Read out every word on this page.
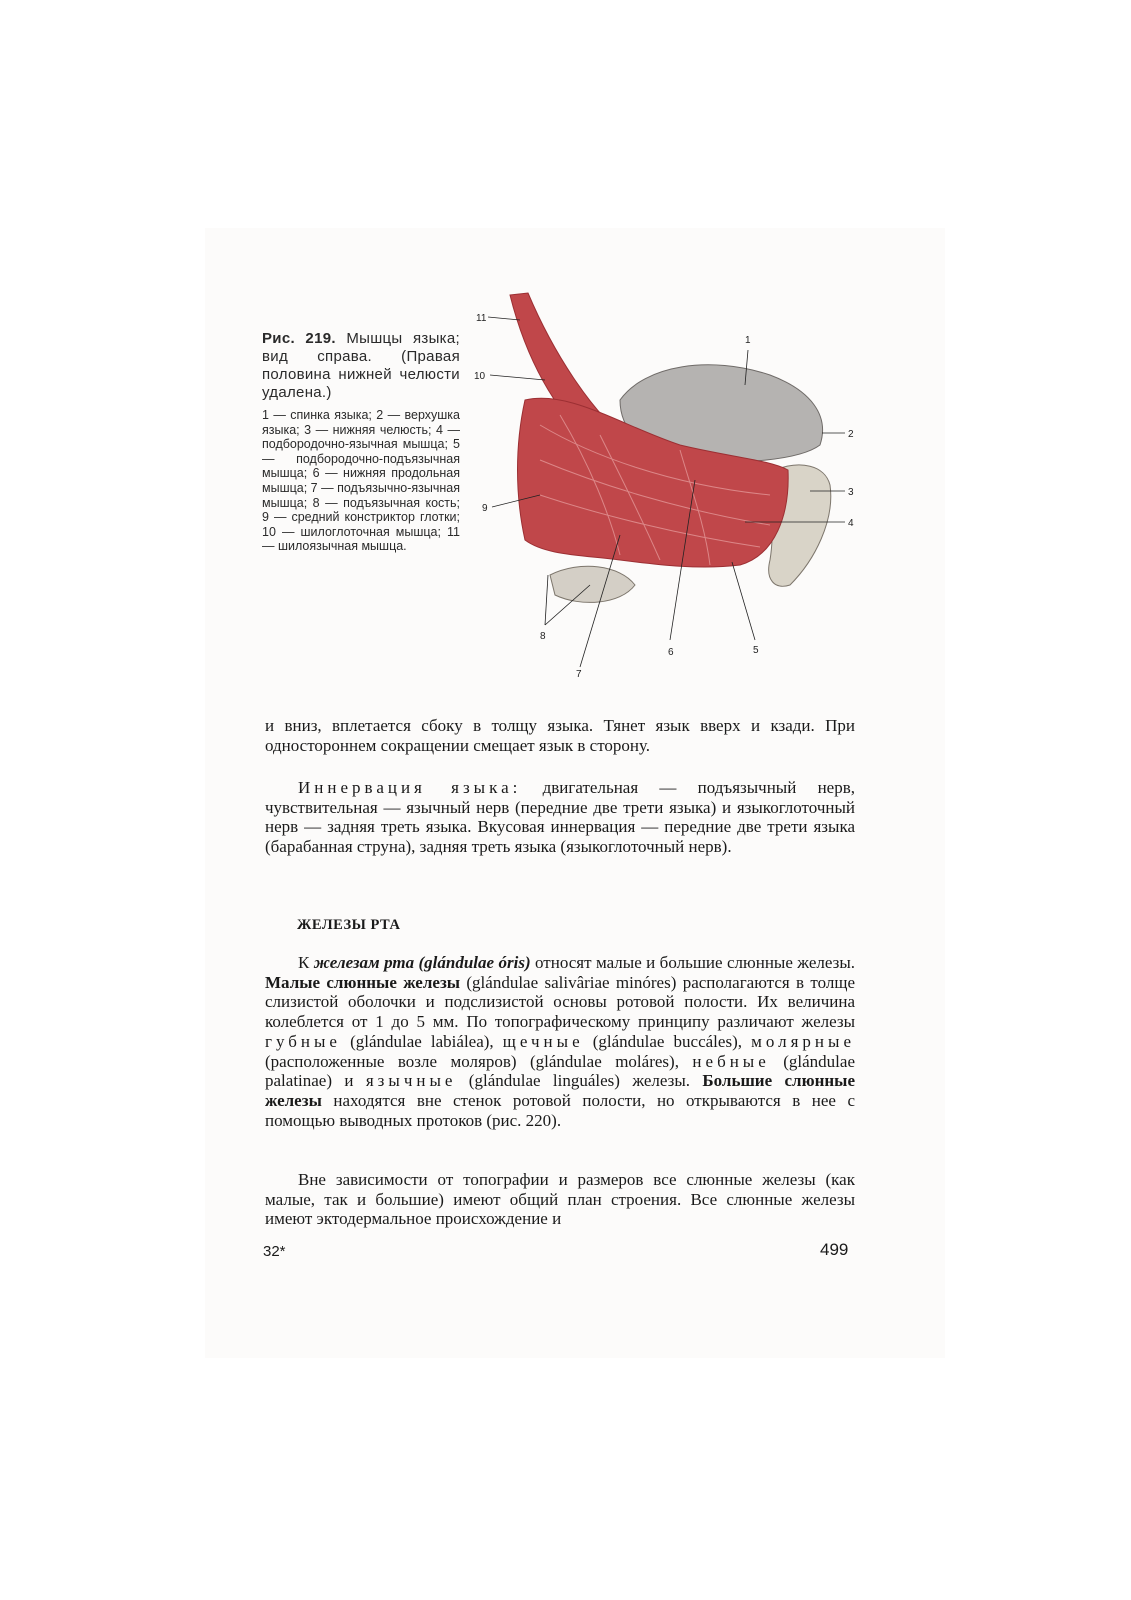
Рис. 219. Мышцы языка; вид справа. (Правая половина нижней челюсти удалена.)
1 — спинка языка; 2 — верхушка языка; 3 — нижняя челюсть; 4 — подбородочно-язычная мышца; 5 — подбородочно-подъязычная мышца; 6 — нижняя продольная мышца; 7 — подъязычно-язычная мышца; 8 — подъязычная кость; 9 — средний констриктор глотки; 10 — шилоглоточная мышца; 11 — шилоязычная мышца.
11
10
9
1
2
3
4
5
6
7
8

и вниз, вплетается сбоку в толщу языка. Тянет язык вверх и кзади. При одностороннем сокращении смещает язык в сторону.

Иннервация языка: двигательная — подъязычный нерв, чувствительная — язычный нерв (передние две трети языка) и языкоглоточный нерв — задняя треть языка. Вкусовая иннервация — передние две трети языка (барабанная струна), задняя треть языка (языкоглоточный нерв).

ЖЕЛЕЗЫ РТА

К железам рта (glándulae óris) относят малые и большие слюнные железы. Малые слюнные железы (glándulae salivâriae minóres) располагаются в толще слизистой оболочки и подслизистой основы ротовой полости. Их величина колеблется от 1 до 5 мм. По топографическому принципу различают железы губные (glándulae labiálea), щечные (glándulae buccáles), молярные (расположенные возле моляров) (glándulae moláres), небные (glándulae palatinae) и язычные (glándulae linguáles) железы. Большие слюнные железы находятся вне стенок ротовой полости, но открываются в нее с помощью выводных протоков (рис. 220).

Вне зависимости от топографии и размеров все слюнные железы (как малые, так и большие) имеют общий план строения. Все слюнные железы имеют эктодермальное происхождение и

32*	499
